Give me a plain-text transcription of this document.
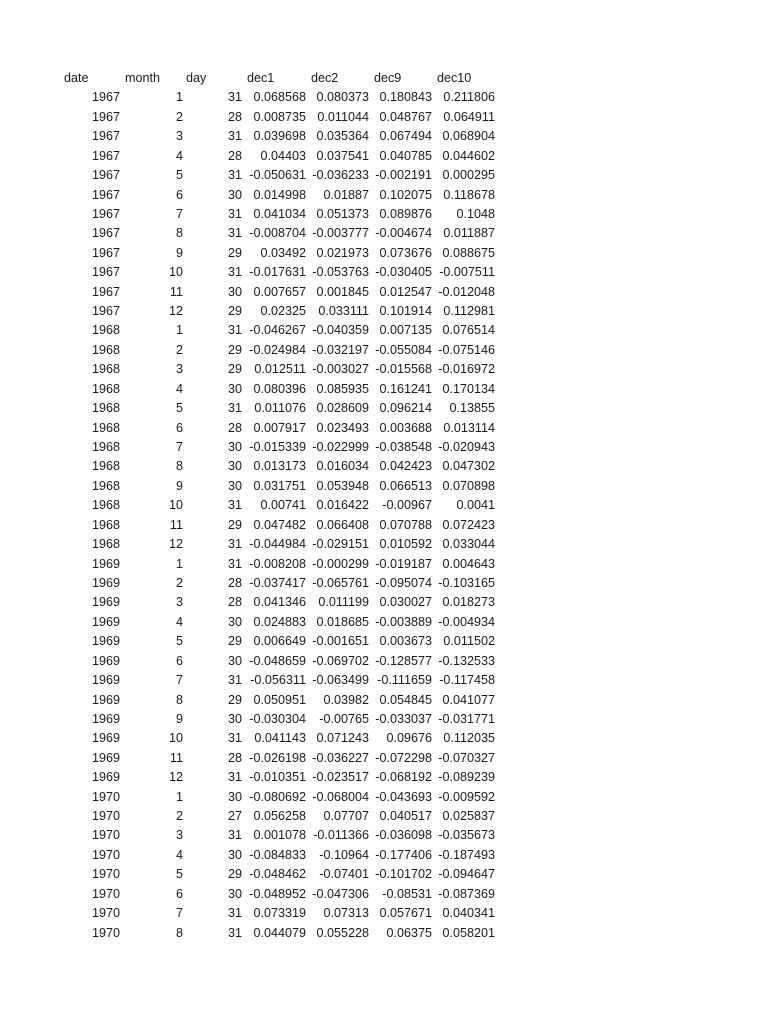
date	month	day	dec1	dec2	dec9	dec10
1967	1	31	0.068568	0.080373	0.180843	0.211806
1967	2	28	0.008735	0.011044	0.048767	0.064911
1967	3	31	0.039698	0.035364	0.067494	0.068904
1967	4	28	0.04403	0.037541	0.040785	0.044602
1967	5	31	-0.050631	-0.036233	-0.002191	0.000295
1967	6	30	0.014998	0.01887	0.102075	0.118678
1967	7	31	0.041034	0.051373	0.089876	0.1048
1967	8	31	-0.008704	-0.003777	-0.004674	0.011887
1967	9	29	0.03492	0.021973	0.073676	0.088675
1967	10	31	-0.017631	-0.053763	-0.030405	-0.007511
1967	11	30	0.007657	0.001845	0.012547	-0.012048
1967	12	29	0.02325	0.033111	0.101914	0.112981
1968	1	31	-0.046267	-0.040359	0.007135	0.076514
1968	2	29	-0.024984	-0.032197	-0.055084	-0.075146
1968	3	29	0.012511	-0.003027	-0.015568	-0.016972
1968	4	30	0.080396	0.085935	0.161241	0.170134
1968	5	31	0.011076	0.028609	0.096214	0.13855
1968	6	28	0.007917	0.023493	0.003688	0.013114
1968	7	30	-0.015339	-0.022999	-0.038548	-0.020943
1968	8	30	0.013173	0.016034	0.042423	0.047302
1968	9	30	0.031751	0.053948	0.066513	0.070898
1968	10	31	0.00741	0.016422	-0.00967	0.0041
1968	11	29	0.047482	0.066408	0.070788	0.072423
1968	12	31	-0.044984	-0.029151	0.010592	0.033044
1969	1	31	-0.008208	-0.000299	-0.019187	0.004643
1969	2	28	-0.037417	-0.065761	-0.095074	-0.103165
1969	3	28	0.041346	0.011199	0.030027	0.018273
1969	4	30	0.024883	0.018685	-0.003889	-0.004934
1969	5	29	0.006649	-0.001651	0.003673	0.011502
1969	6	30	-0.048659	-0.069702	-0.128577	-0.132533
1969	7	31	-0.056311	-0.063499	-0.111659	-0.117458
1969	8	29	0.050951	0.03982	0.054845	0.041077
1969	9	30	-0.030304	-0.00765	-0.033037	-0.031771
1969	10	31	0.041143	0.071243	0.09676	0.112035
1969	11	28	-0.026198	-0.036227	-0.072298	-0.070327
1969	12	31	-0.010351	-0.023517	-0.068192	-0.089239
1970	1	30	-0.080692	-0.068004	-0.043693	-0.009592
1970	2	27	0.056258	0.07707	0.040517	0.025837
1970	3	31	0.001078	-0.011366	-0.036098	-0.035673
1970	4	30	-0.084833	-0.10964	-0.177406	-0.187493
1970	5	29	-0.048462	-0.07401	-0.101702	-0.094647
1970	6	30	-0.048952	-0.047306	-0.08531	-0.087369
1970	7	31	0.073319	0.07313	0.057671	0.040341
1970	8	31	0.044079	0.055228	0.06375	0.058201
